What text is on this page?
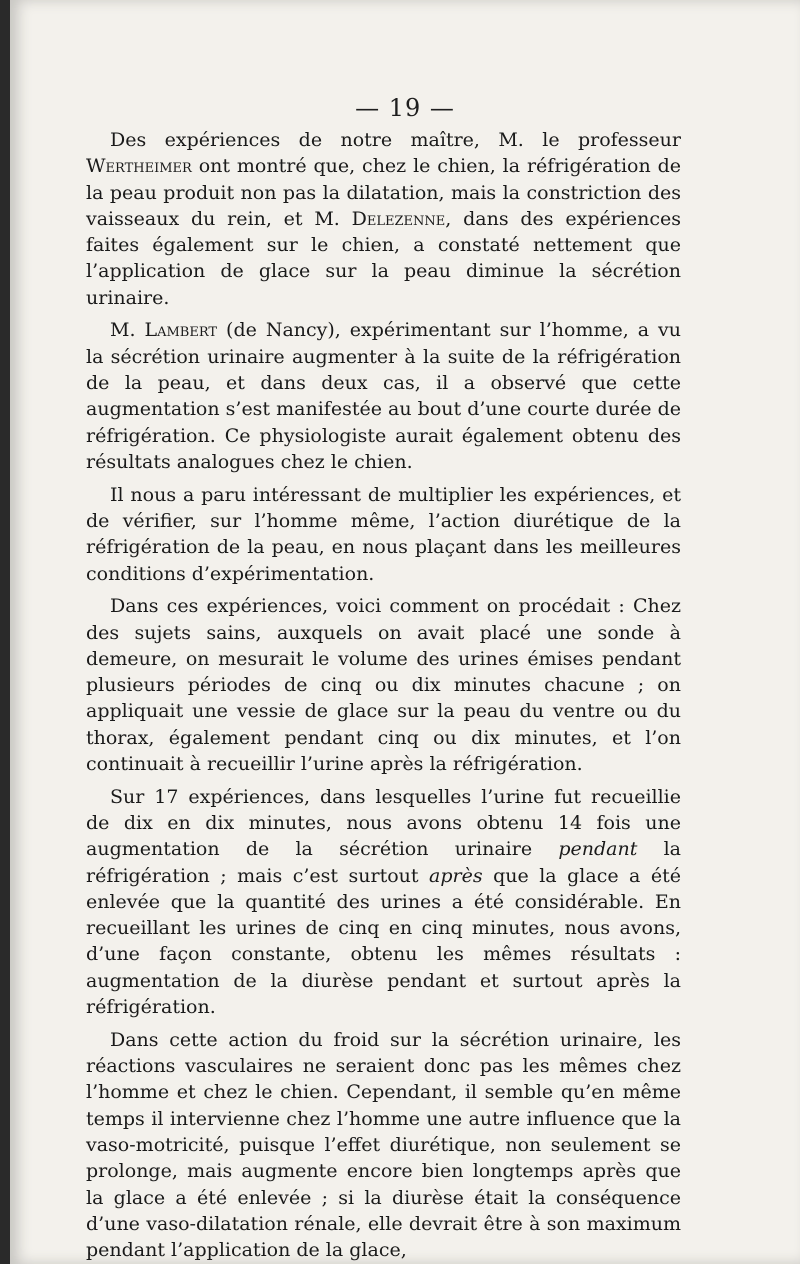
— 19 —

Des expériences de notre maître, M. le professeur Wertheimer ont montré que, chez le chien, la réfrigération de la peau produit non pas la dilatation, mais la constriction des vaisseaux du rein, et M. Delezenne, dans des expériences faites également sur le chien, a constaté nettement que l’application de glace sur la peau diminue la sécrétion urinaire.

M. Lambert (de Nancy), expérimentant sur l’homme, a vu la sécrétion urinaire augmenter à la suite de la réfrigération de la peau, et dans deux cas, il a observé que cette augmentation s’est manifestée au bout d’une courte durée de réfrigération. Ce physiologiste aurait également obtenu des résultats analogues chez le chien.

Il nous a paru intéressant de multiplier les expériences, et de vérifier, sur l’homme même, l’action diurétique de la réfrigération de la peau, en nous plaçant dans les meilleures conditions d’expérimentation.

Dans ces expériences, voici comment on procédait : Chez des sujets sains, auxquels on avait placé une sonde à demeure, on mesurait le volume des urines émises pendant plusieurs périodes de cinq ou dix minutes chacune ; on appliquait une vessie de glace sur la peau du ventre ou du thorax, également pendant cinq ou dix minutes, et l’on continuait à recueillir l’urine après la réfrigération.

Sur 17 expériences, dans lesquelles l’urine fut recueillie de dix en dix minutes, nous avons obtenu 14 fois une augmentation de la sécrétion urinaire pendant la réfrigération ; mais c’est surtout après que la glace a été enlevée que la quantité des urines a été considérable. En recueillant les urines de cinq en cinq minutes, nous avons, d’une façon constante, obtenu les mêmes résultats : augmentation de la diurèse pendant et surtout après la réfrigération.

Dans cette action du froid sur la sécrétion urinaire, les réactions vasculaires ne seraient donc pas les mêmes chez l’homme et chez le chien. Cependant, il semble qu’en même temps il intervienne chez l’homme une autre influence que la vaso-motricité, puisque l’effet diurétique, non seulement se prolonge, mais augmente encore bien longtemps après que la glace a été enlevée ; si la diurèse était la conséquence d’une vaso-dilatation rénale, elle devrait être à son maximum pendant l’application de la glace,
